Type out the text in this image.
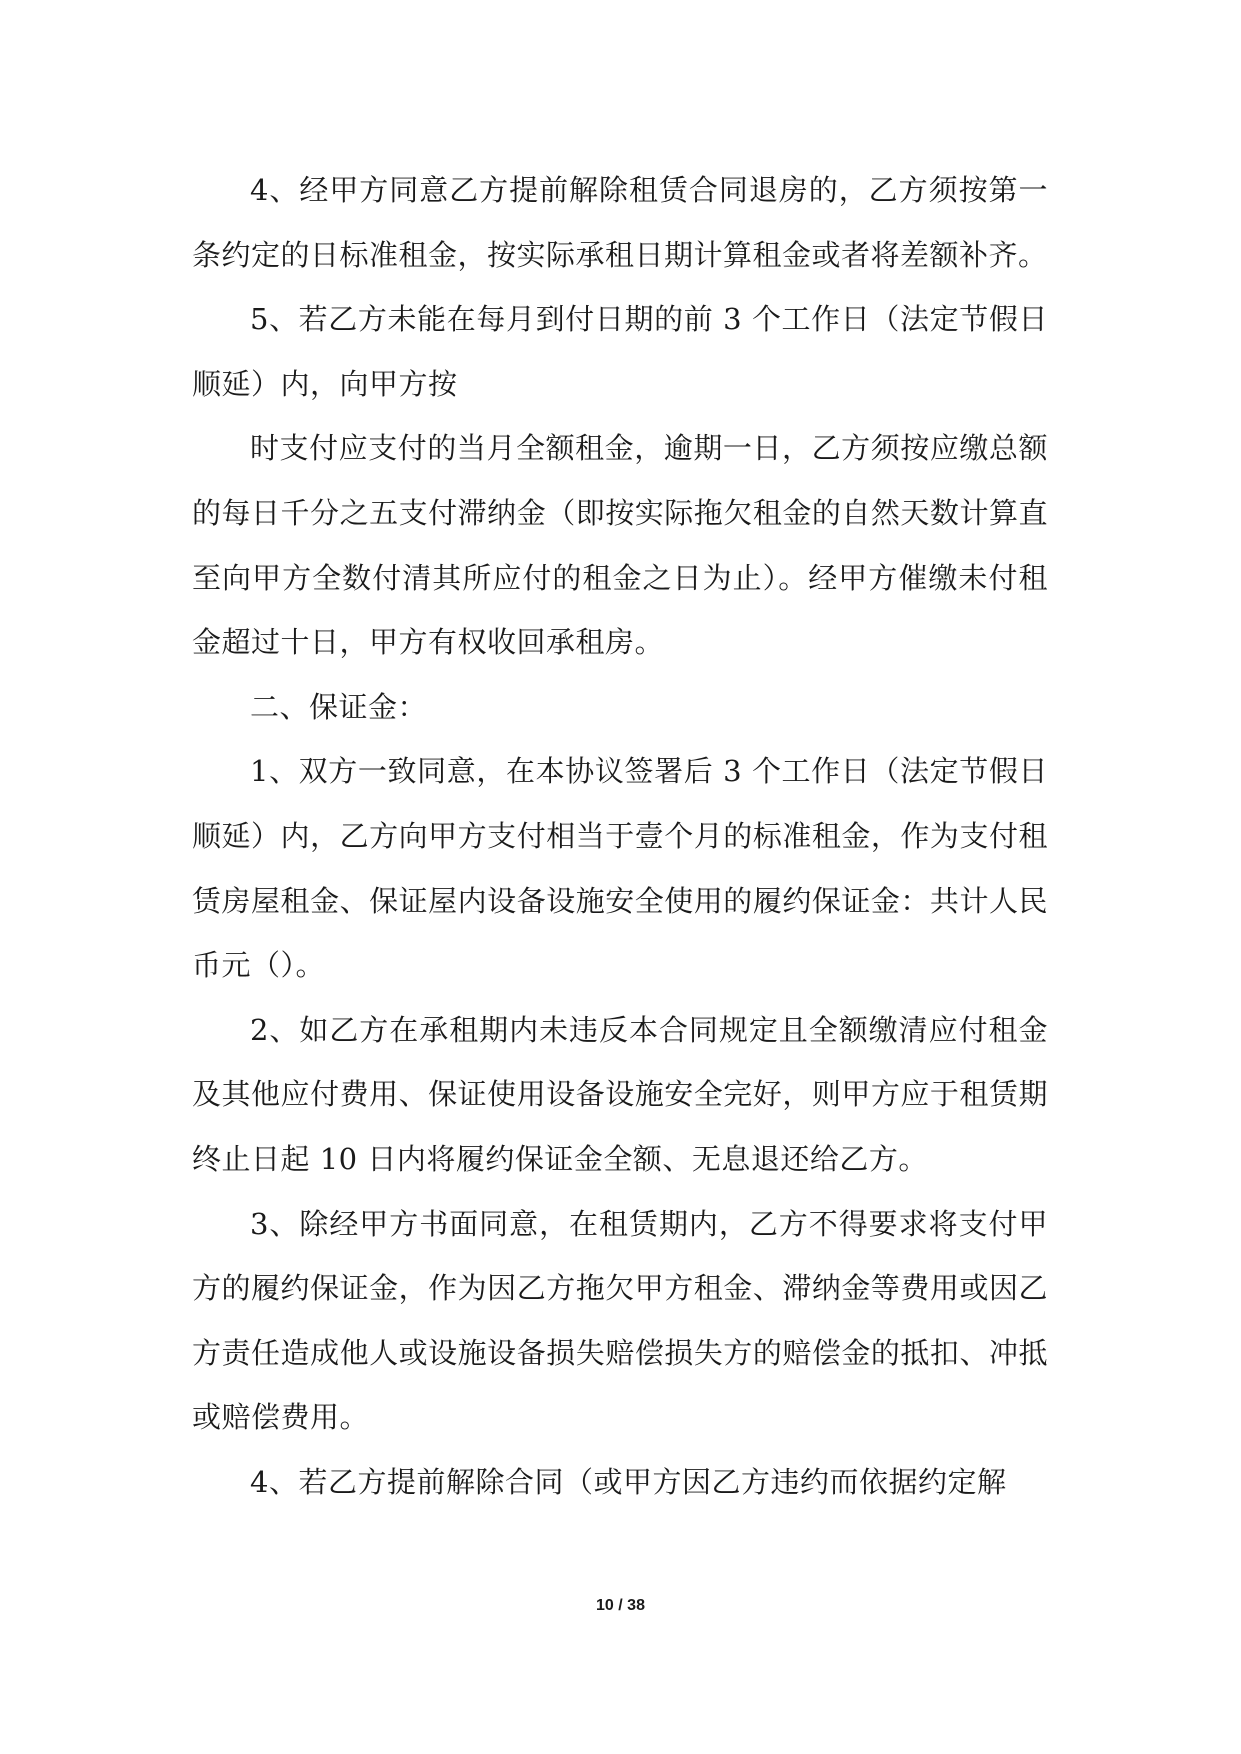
4、经甲方同意乙方提前解除租赁合同退房的，乙方须按第一条约定的日标准租金，按实际承租日期计算租金或者将差额补齐。

5、若乙方未能在每月到付日期的前 3 个工作日（法定节假日顺延）内，向甲方按

时支付应支付的当月全额租金，逾期一日，乙方须按应缴总额的每日千分之五支付滞纳金（即按实际拖欠租金的自然天数计算直至向甲方全数付清其所应付的租金之日为止）。经甲方催缴未付租金超过十日，甲方有权收回承租房。

二、保证金：

1、双方一致同意，在本协议签署后 3 个工作日（法定节假日顺延）内，乙方向甲方支付相当于壹个月的标准租金，作为支付租赁房屋租金、保证屋内设备设施安全使用的履约保证金：共计人民币元（）。

2、如乙方在承租期内未违反本合同规定且全额缴清应付租金及其他应付费用、保证使用设备设施安全完好，则甲方应于租赁期终止日起 10 日内将履约保证金全额、无息退还给乙方。

3、除经甲方书面同意，在租赁期内，乙方不得要求将支付甲方的履约保证金，作为因乙方拖欠甲方租金、滞纳金等费用或因乙方责任造成他人或设施设备损失赔偿损失方的赔偿金的抵扣、冲抵或赔偿费用。

4、若乙方提前解除合同（或甲方因乙方违约而依据约定解

10 / 38
